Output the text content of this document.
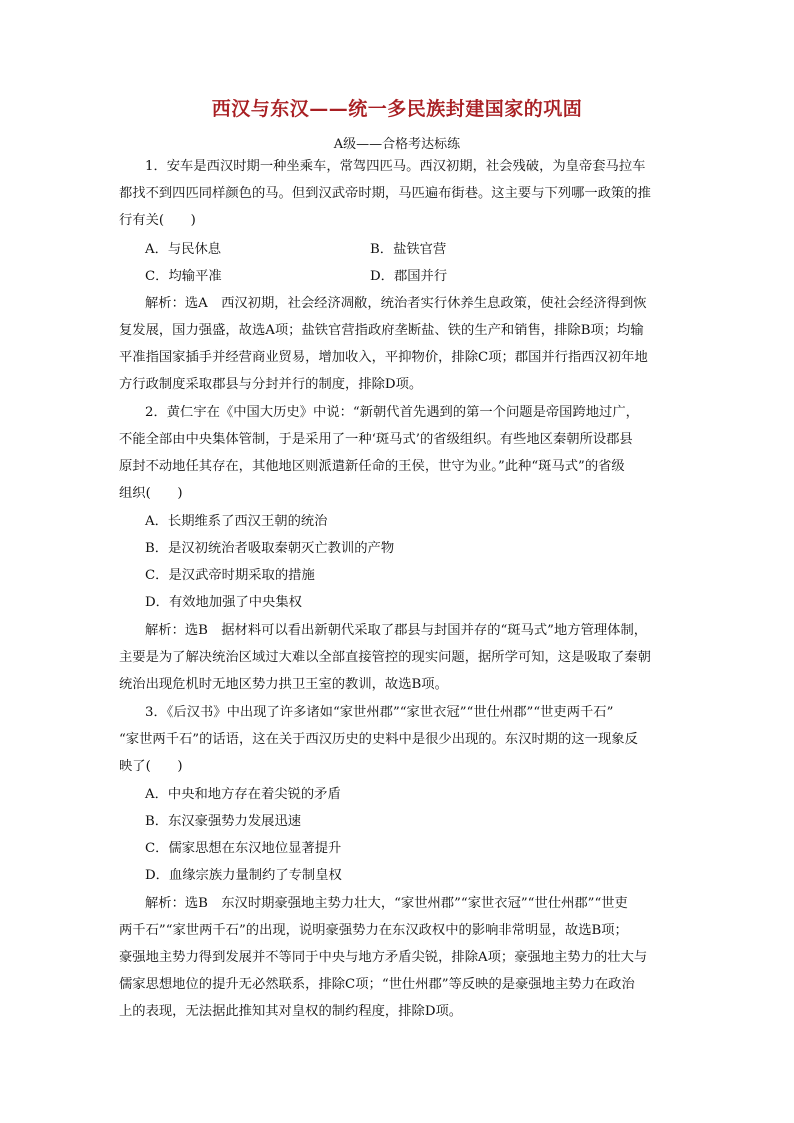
西汉与东汉——统一多民族封建国家的巩固
A级——合格考达标练
1．安车是西汉时期一种坐乘车，常驾四匹马。西汉初期，社会残破，为皇帝套马拉车
都找不到四匹同样颜色的马。但到汉武帝时期，马匹遍布街巷。这主要与下列哪一政策的推
行有关(　　)
A．与民休息	B．盐铁官营
C．均输平准	D．郡国并行
解析：选A　西汉初期，社会经济凋敝，统治者实行休养生息政策，使社会经济得到恢
复发展，国力强盛，故选A项；盐铁官营指政府垄断盐、铁的生产和销售，排除B项；均输
平准指国家插手并经营商业贸易，增加收入，平抑物价，排除C项；郡国并行指西汉初年地
方行政制度采取郡县与分封并行的制度，排除D项。
2．黄仁宇在《中国大历史》中说：“新朝代首先遇到的第一个问题是帝国跨地过广，
不能全部由中央集体管制，于是采用了一种‘斑马式’的省级组织。有些地区秦朝所设郡县
原封不动地任其存在，其他地区则派遣新任命的王侯，世守为业。”此种“斑马式”的省级
组织(　　)
A．长期维系了西汉王朝的统治
B．是汉初统治者吸取秦朝灭亡教训的产物
C．是汉武帝时期采取的措施
D．有效地加强了中央集权
解析：选B　据材料可以看出新朝代采取了郡县与封国并存的“斑马式”地方管理体制，
主要是为了解决统治区域过大难以全部直接管控的现实问题，据所学可知，这是吸取了秦朝
统治出现危机时无地区势力拱卫王室的教训，故选B项。
3．《后汉书》中出现了许多诸如“家世州郡”“家世衣冠”“世仕州郡”“世吏两千石”
“家世两千石”的话语，这在关于西汉历史的史料中是很少出现的。东汉时期的这一现象反
映了(　　)
A．中央和地方存在着尖锐的矛盾
B．东汉豪强势力发展迅速
C．儒家思想在东汉地位显著提升
D．血缘宗族力量制约了专制皇权
解析：选B　东汉时期豪强地主势力壮大，“家世州郡”“家世衣冠”“世仕州郡”“世吏
两千石”“家世两千石”的出现，说明豪强势力在东汉政权中的影响非常明显，故选B项；
豪强地主势力得到发展并不等同于中央与地方矛盾尖锐，排除A项；豪强地主势力的壮大与
儒家思想地位的提升无必然联系，排除C项；“世仕州郡”等反映的是豪强地主势力在政治
上的表现，无法据此推知其对皇权的制约程度，排除D项。
